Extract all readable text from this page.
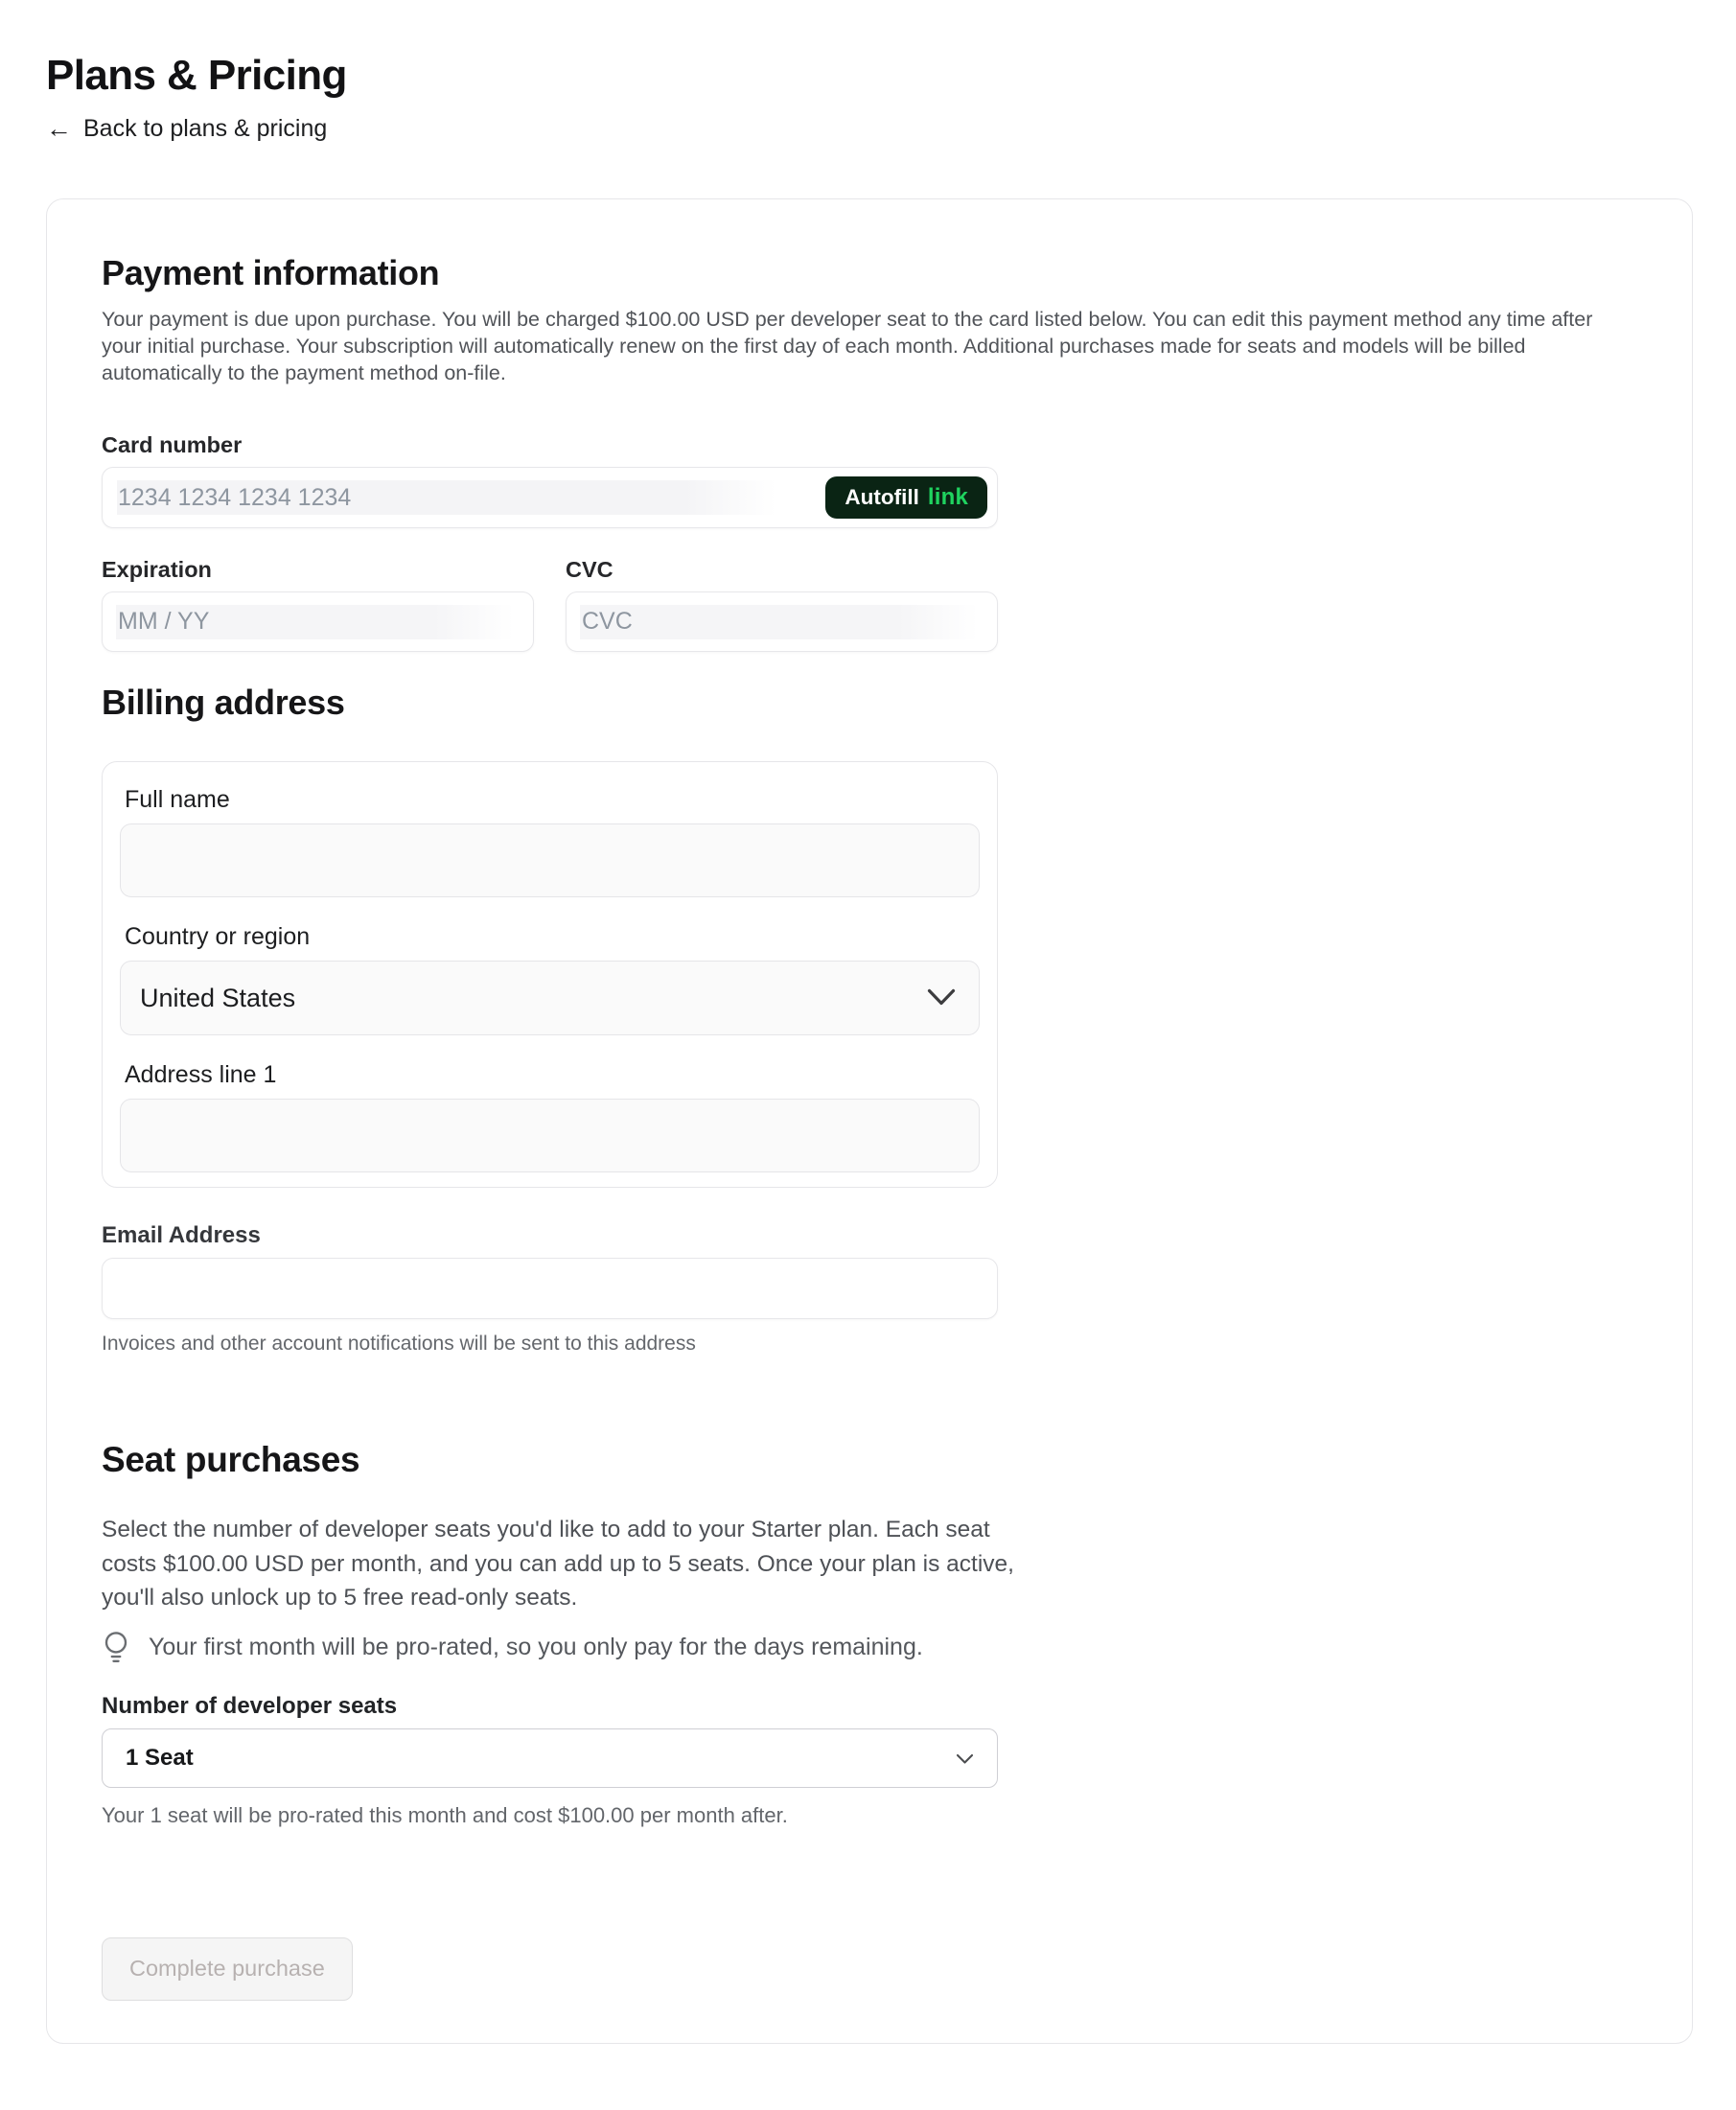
Plans & Pricing
← Back to plans & pricing
Payment information

Your payment is due upon purchase. You will be charged $100.00 USD per developer seat to the card listed below. You can edit this payment method any time after your initial purchase. Your subscription will automatically renew on the first day of each month. Additional purchases made for seats and models will be billed automatically to the payment method on-file.

Card number
1234 1234 1234 1234
Autofill link
Expiration
MM / YY	CVC
CVC
Billing address
Full name
Country or region
United States
Address line 1
Email Address

Invoices and other account notifications will be sent to this address

Seat purchases

Select the number of developer seats you'd like to add to your Starter plan. Each seat costs $100.00 USD per month, and you can add up to 5 seats. Once your plan is active, you'll also unlock up to 5 free read-only seats.

Your first month will be pro-rated, so you only pay for the days remaining.
Number of developer seats
1 Seat

Your 1 seat will be pro-rated this month and cost $100.00 per month after.

Complete purchase
